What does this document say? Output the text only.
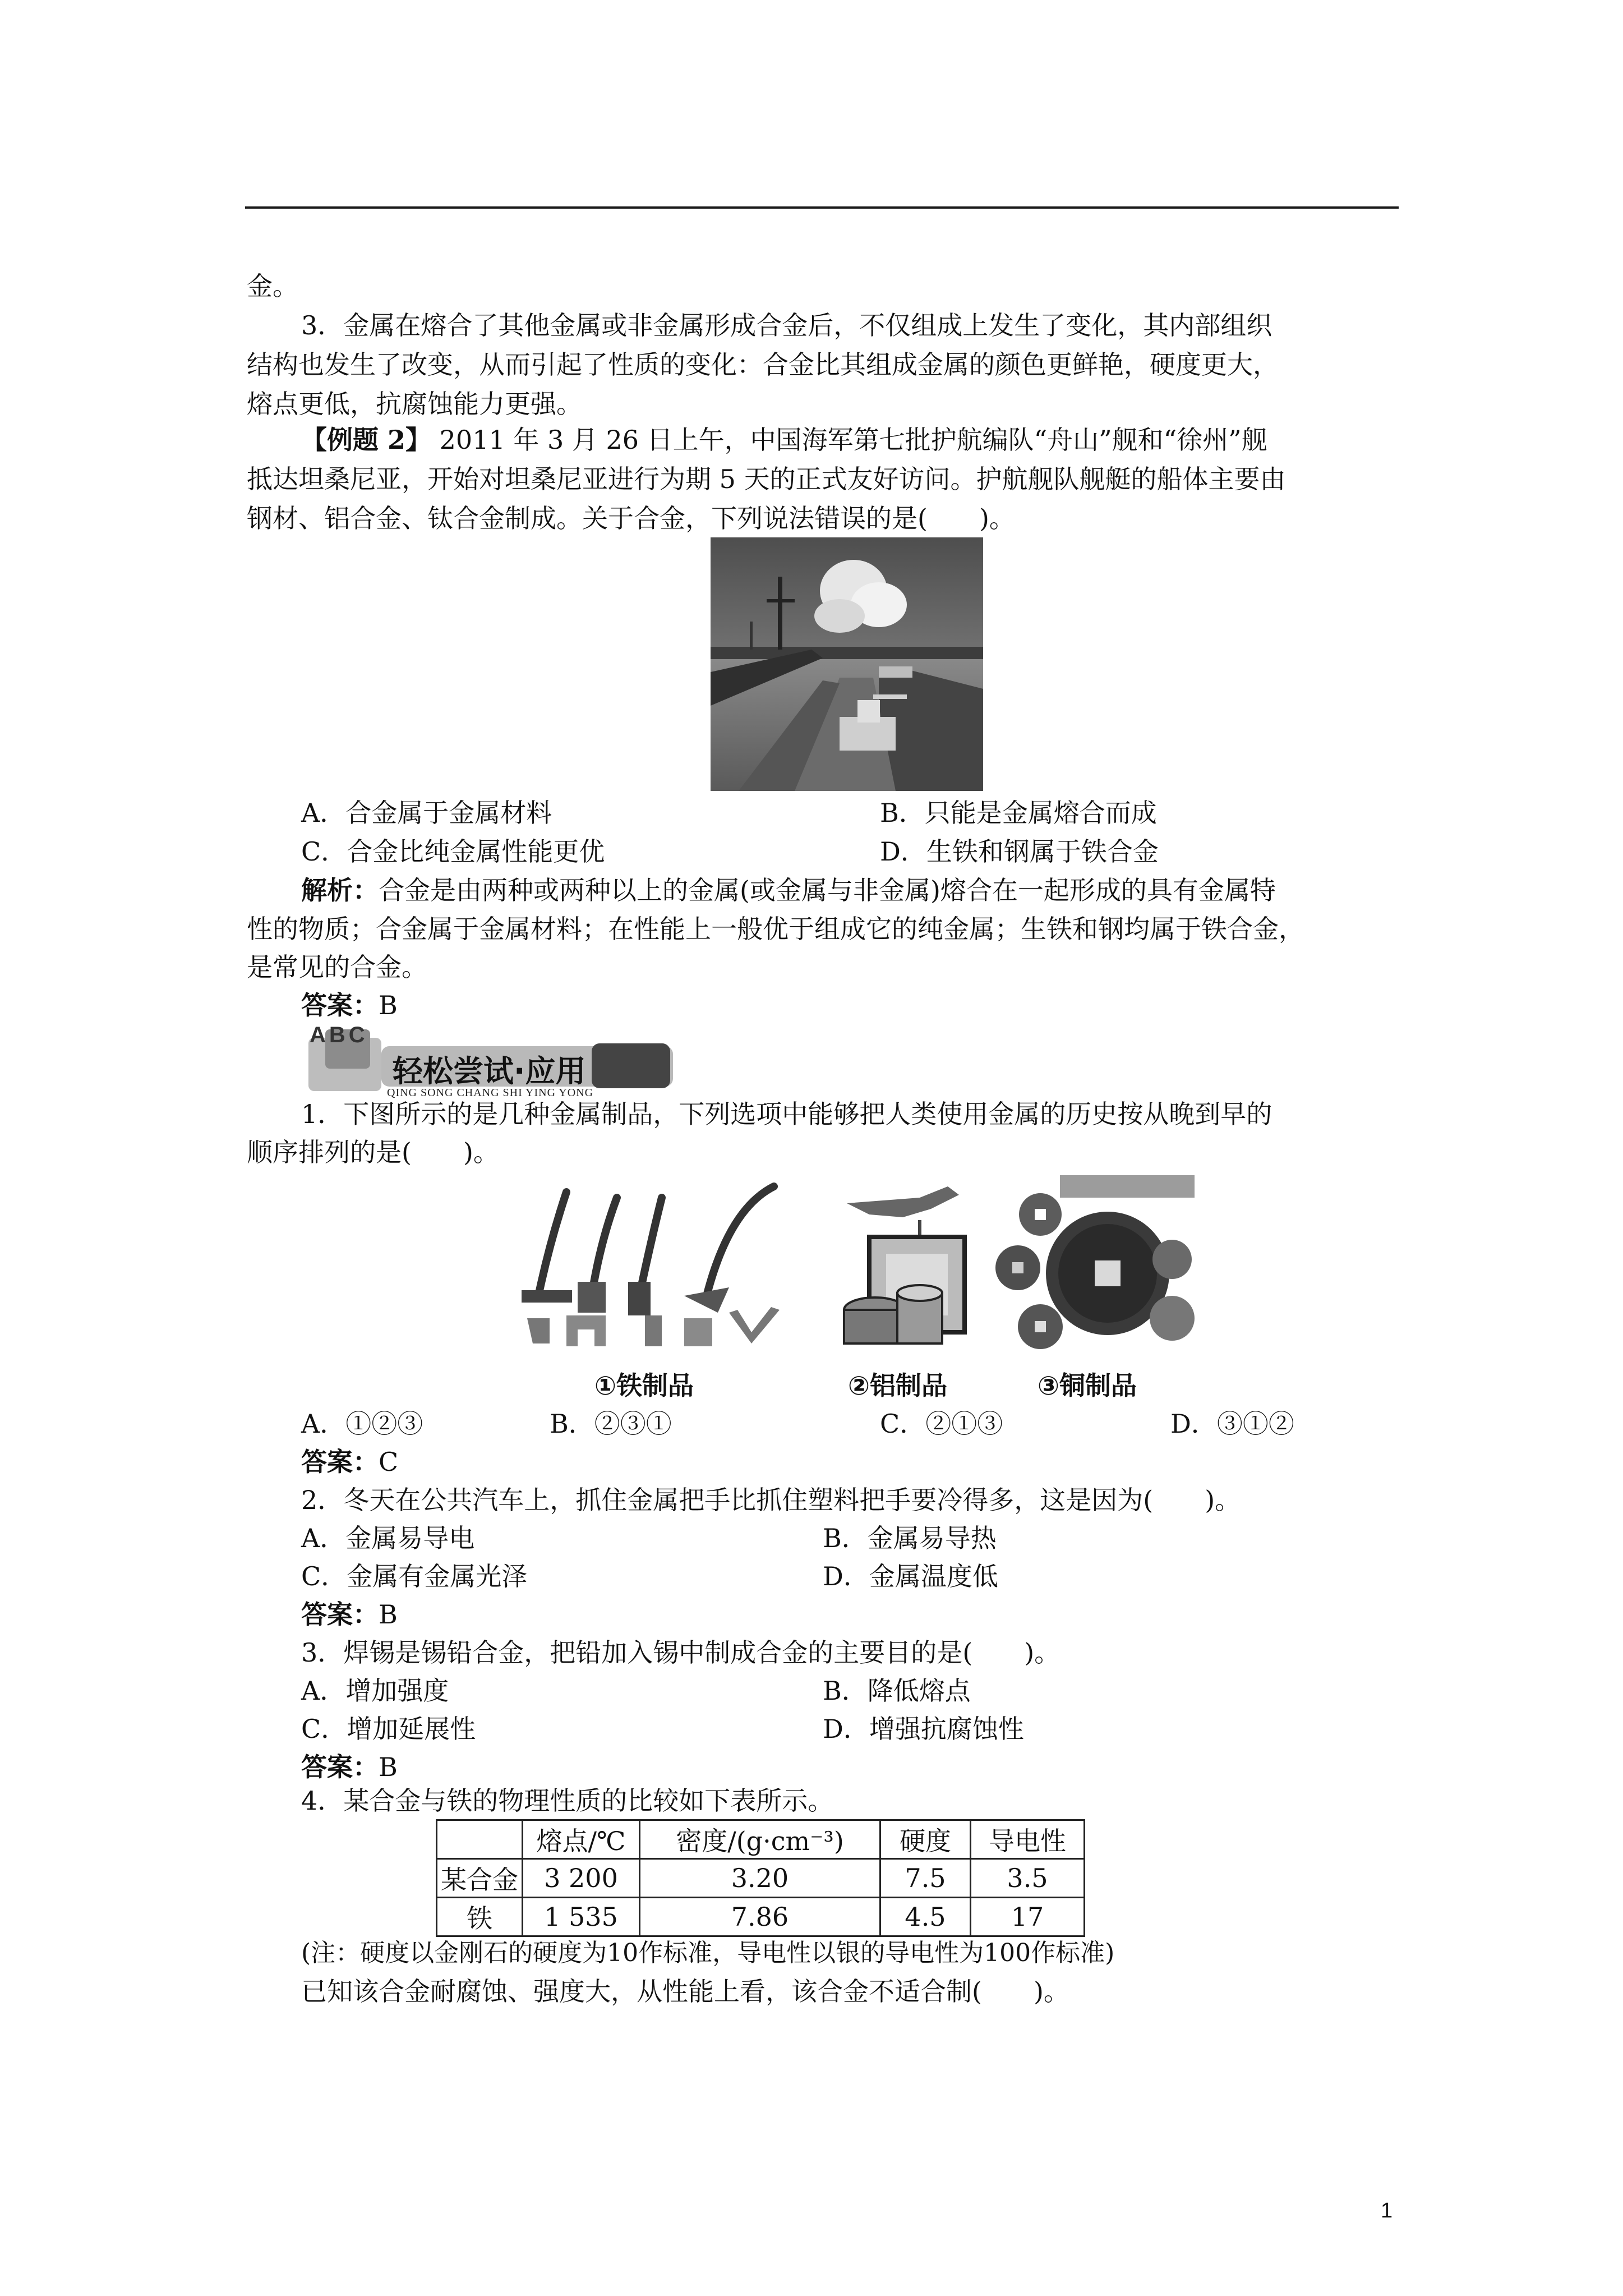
金。
3．金属在熔合了其他金属或非金属形成合金后，不仅组成上发生了变化，其内部组织
结构也发生了改变，从而引起了性质的变化：合金比其组成金属的颜色更鲜艳，硬度更大，
熔点更低，抗腐蚀能力更强。
【例题 2】 2011 年 3 月 26 日上午，中国海军第七批护航编队“舟山”舰和“徐州”舰
抵达坦桑尼亚，开始对坦桑尼亚进行为期 5 天的正式友好访问。护航舰队舰艇的船体主要由
钢材、铝合金、钛合金制成。关于合金，下列说法错误的是(　　)。
A．合金属于金属材料	B．只能是金属熔合而成
C．合金比纯金属性能更优	D．生铁和钢属于铁合金
解析：合金是由两种或两种以上的金属(或金属与非金属)熔合在一起形成的具有金属特
性的物质；合金属于金属材料；在性能上一般优于组成它的纯金属；生铁和钢均属于铁合金，
是常见的合金。
答案：B
ABC
轻松尝试·应用
QING SONG CHANG SHI YING YONG
1．下图所示的是几种金属制品，下列选项中能够把人类使用金属的历史按从晚到早的
顺序排列的是(　　)。
①铁制品	②铝制品	③铜制品
A．①②③	B．②③①	C．②①③	D．③①②
答案：C
2．冬天在公共汽车上，抓住金属把手比抓住塑料把手要冷得多，这是因为(　　)。
A．金属易导电	B．金属易导热
C．金属有金属光泽	D．金属温度低
答案：B
3．焊锡是锡铅合金，把铅加入锡中制成合金的主要目的是(　　)。
A．增加强度	B．降低熔点
C．增加延展性	D．增强抗腐蚀性
答案：B
4．某合金与铁的物理性质的比较如下表所示。
	熔点/℃	密度/(g·cm⁻³)	硬度	导电性
某合金	3 200	3.20	7.5	3.5
铁	1 535	7.86	4.5	17
(注：硬度以金刚石的硬度为10作标准，导电性以银的导电性为100作标准)
已知该合金耐腐蚀、强度大，从性能上看，该合金不适合制(　　)。
1
